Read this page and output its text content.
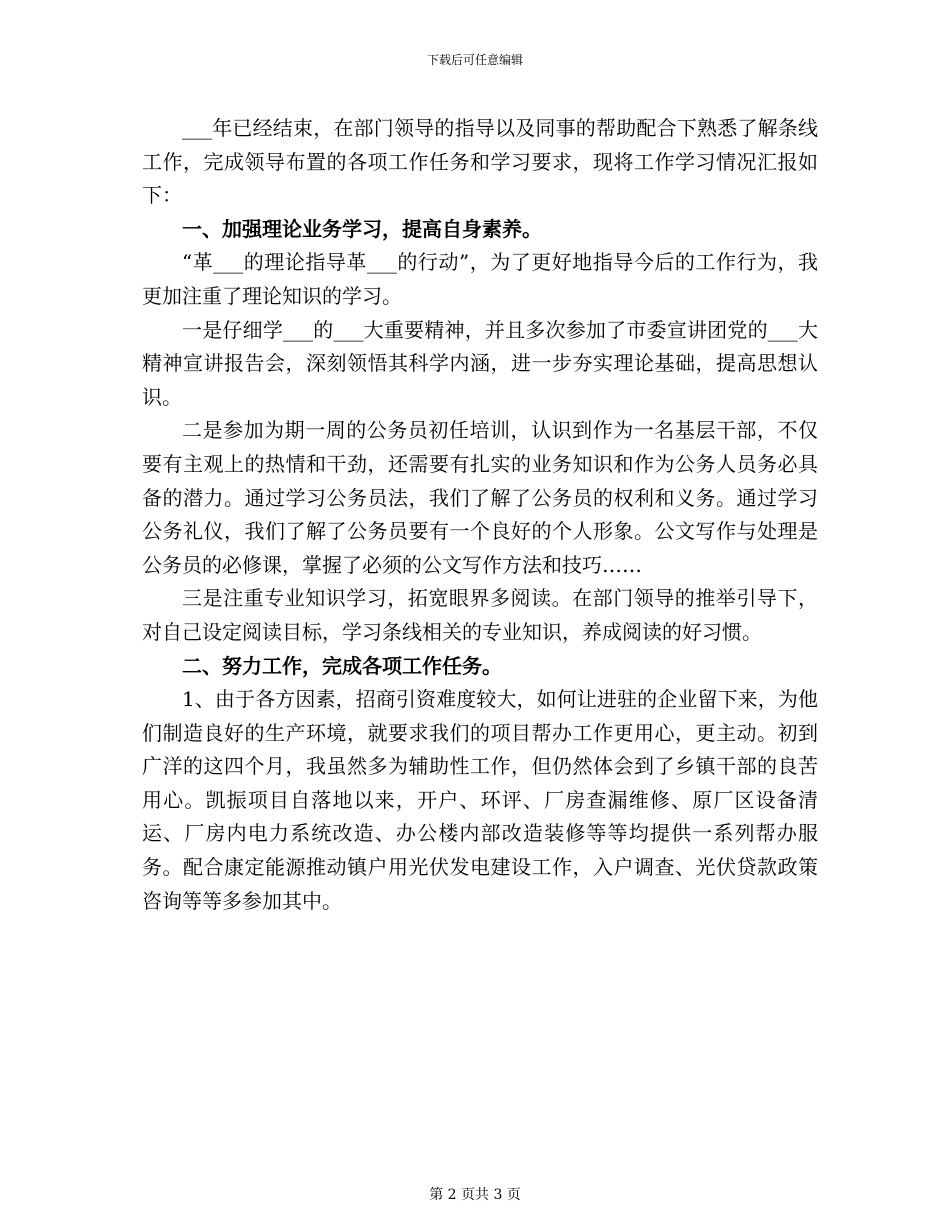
下载后可任意编辑

___年已经结束，在部门领导的指导以及同事的帮助配合下熟悉了解条线工作，完成领导布置的各项工作任务和学习要求，现将工作学习情况汇报如下：

一、加强理论业务学习，提高自身素养。

“革___的理论指导革___的行动”，为了更好地指导今后的工作行为，我更加注重了理论知识的学习。

一是仔细学___的___大重要精神，并且多次参加了市委宣讲团党的___大精神宣讲报告会，深刻领悟其科学内涵，进一步夯实理论基础，提高思想认识。

二是参加为期一周的公务员初任培训，认识到作为一名基层干部，不仅要有主观上的热情和干劲，还需要有扎实的业务知识和作为公务人员务必具备的潜力。通过学习公务员法，我们了解了公务员的权利和义务。通过学习公务礼仪，我们了解了公务员要有一个良好的个人形象。公文写作与处理是公务员的必修课，掌握了必须的公文写作方法和技巧……

三是注重专业知识学习，拓宽眼界多阅读。在部门领导的推举引导下，对自己设定阅读目标，学习条线相关的专业知识，养成阅读的好习惯。

二、努力工作，完成各项工作任务。

1、由于各方因素，招商引资难度较大，如何让进驻的企业留下来，为他们制造良好的生产环境，就要求我们的项目帮办工作更用心，更主动。初到广洋的这四个月，我虽然多为辅助性工作，但仍然体会到了乡镇干部的良苦用心。凯振项目自落地以来，开户、环评、厂房查漏维修、原厂区设备清运、厂房内电力系统改造、办公楼内部改造装修等等均提供一系列帮办服务。配合康定能源推动镇户用光伏发电建设工作，入户调查、光伏贷款政策咨询等等多参加其中。

第 2 页共 3 页
